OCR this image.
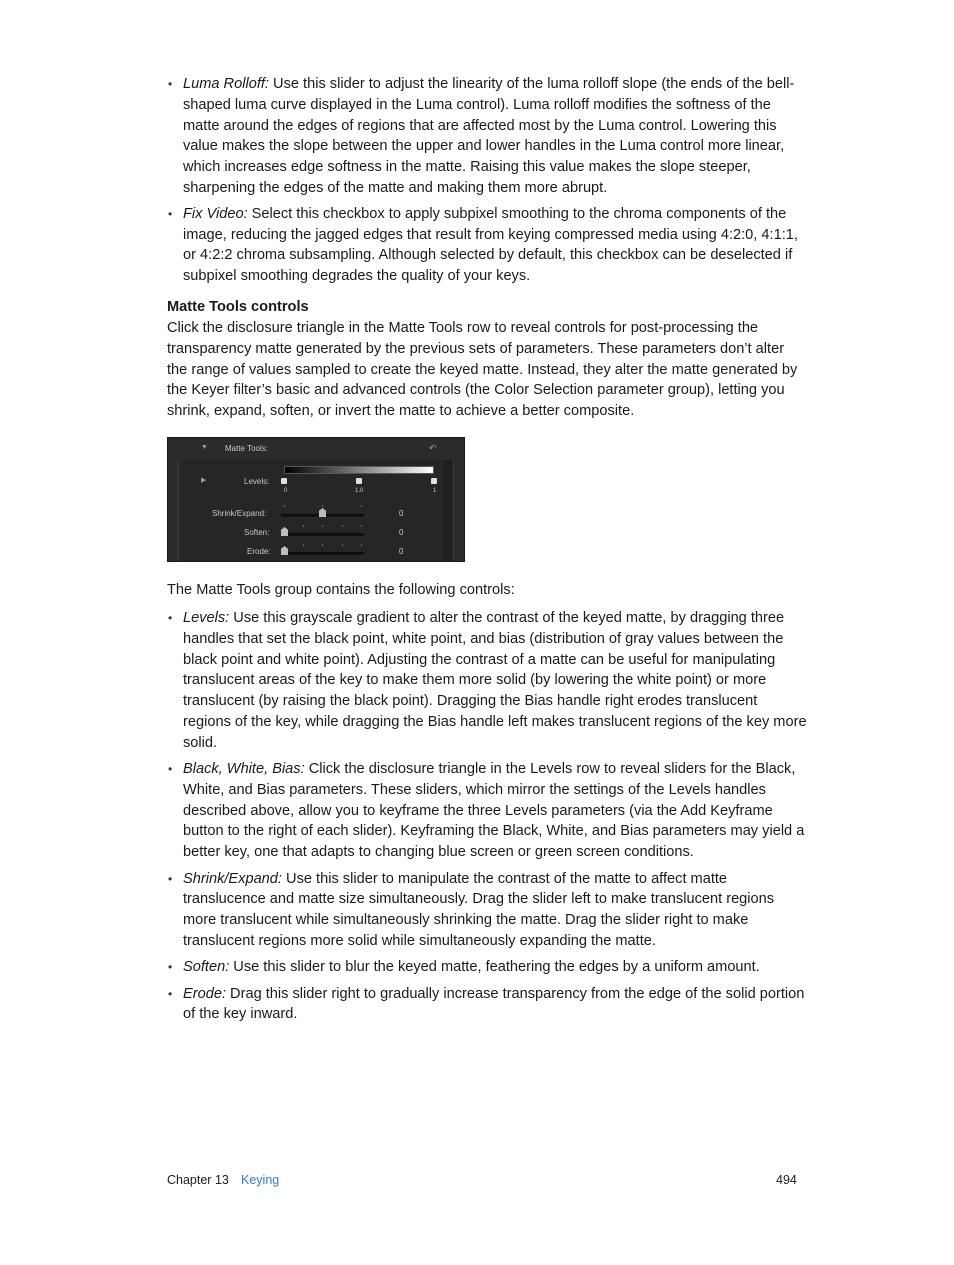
• Luma Rolloff: Use this slider to adjust the linearity of the luma rolloff slope (the ends of the bell-shaped luma curve displayed in the Luma control). Luma rolloff modifies the softness of the matte around the edges of regions that are affected most by the Luma control. Lowering this value makes the slope between the upper and lower handles in the Luma control more linear, which increases edge softness in the matte. Raising this value makes the slope steeper, sharpening the edges of the matte and making them more abrupt.
• Fix Video: Select this checkbox to apply subpixel smoothing to the chroma components of the image, reducing the jagged edges that result from keying compressed media using 4:2:0, 4:1:1, or 4:2:2 chroma subsampling. Although selected by default, this checkbox can be deselected if subpixel smoothing degrades the quality of your keys.
Matte Tools controls

Click the disclosure triangle in the Matte Tools row to reveal controls for post-processing the transparency matte generated by the previous sets of parameters. These parameters don’t alter the range of values sampled to create the keyed matte. Instead, they alter the matte generated by the Keyer filter’s basic and advanced controls (the Color Selection parameter group), letting you shrink, expand, soften, or invert the matte to achieve a better composite.

▼ Matte Tools:	↶
▶	Levels:
0	1.0	1
Shrink/Expand:	0
Soften:	0
Erode:	0

The Matte Tools group contains the following controls:

• Levels: Use this grayscale gradient to alter the contrast of the keyed matte, by dragging three handles that set the black point, white point, and bias (distribution of gray values between the black point and white point). Adjusting the contrast of a matte can be useful for manipulating translucent areas of the key to make them more solid (by lowering the white point) or more translucent (by raising the black point). Dragging the Bias handle right erodes translucent regions of the key, while dragging the Bias handle left makes translucent regions of the key more solid.
• Black, White, Bias: Click the disclosure triangle in the Levels row to reveal sliders for the Black, White, and Bias parameters. These sliders, which mirror the settings of the Levels handles described above, allow you to keyframe the three Levels parameters (via the Add Keyframe button to the right of each slider). Keyframing the Black, White, and Bias parameters may yield a better key, one that adapts to changing blue screen or green screen conditions.
• Shrink/Expand: Use this slider to manipulate the contrast of the matte to affect matte translucence and matte size simultaneously. Drag the slider left to make translucent regions more translucent while simultaneously shrinking the matte. Drag the slider right to make translucent regions more solid while simultaneously expanding the matte.
• Soften: Use this slider to blur the keyed matte, feathering the edges by a uniform amount.
• Erode: Drag this slider right to gradually increase transparency from the edge of the solid portion of the key inward.
Chapter 13 Keying	494
